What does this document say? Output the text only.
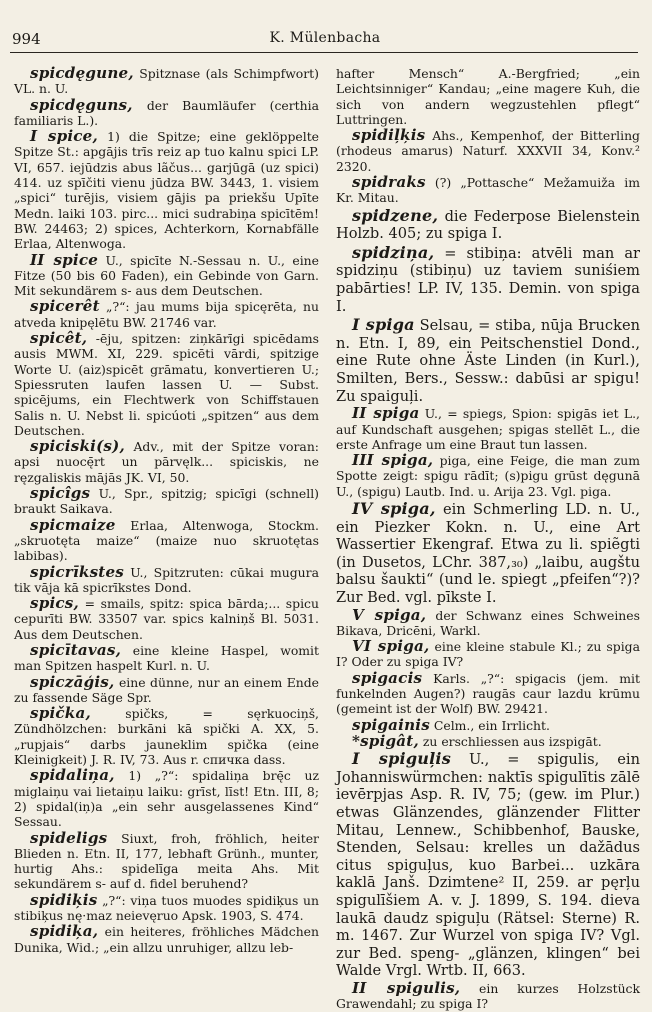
994	K. Mülenbacha

spicdęgune, Spitznase (als Schimpfwort) VL. n. U.

spicdęguns, der Baumläufer (certhia familiaris L.).

I spice, 1) die Spitze; eine geklöppelte Spitze St.: apgājis trīs reiz ap tuo kalnu spici LP. VI, 657. iejūdzis abus lãčus... garjūgā (uz spici) 414. uz spīčiti vienu jūdza BW. 3443, 1. visiem „spici“ turējis, visiem gājis pa priekšu Upīte Medn. laiki 103. pirc... mici sudrabiņa spicītēm! BW. 24463; 2) spices, Achterkorn, Kornabfälle Erlaa, Altenwoga.

II spice U., spicīte N.-Sessau n. U., eine Fitze (50 bis 60 Faden), ein Gebinde von Garn. Mit sekundärem s- aus dem Deutschen.

spicerêt „?“: jau mums bija spicęrēta, nu atveda knipęlētu BW. 21746 var.

spicêt, -ēju, spitzen: ziņkārīgi spicēdams ausis MWM. XI, 229. spicēti vārdi, spitzige Worte U. (aiz)spicēt grāmatu, konvertieren U.; Spiessruten laufen lassen U. — Subst. spicējums, ein Flechtwerk von Schiffstauen Salis n. U. Nebst li. spicúoti „spitzen“ aus dem Deutschen.

spiciski(s), Adv., mit der Spitze voran: apsi nuocę̄rt un pārvęlk... spiciskis, ne ręzgaliskis mājās JK. VI, 50.

spicîgs U., Spr., spitzig; spicīgi (schnell) braukt Saikava.

spicmaize Erlaa, Altenwoga, Stockm. „skruotęta maize“ (maize nuo skruotętas labibas).

spicrīkstes U., Spitzruten: cūkai mugura tik vāja kā spicrīkstes Dond.

spics, = smails, spitz: spica bārda;... spicu cepurīti BW. 33507 var. spics kalniņš Bl. 5031. Aus dem Deutschen.

spicītavas, eine kleine Haspel, womit man Spitzen haspelt Kurl. n. U.

spiczāģis, eine dünne, nur an einem Ende zu fassende Säge Spr.

spička,	spičks, = sęrkuociņš, Zündhölzchen: burkāni kā spički A. XX, 5. „rupjais“ darbs jauneklim spička (eine Kleinigkeit) J. R. IV, 73. Aus r. спичка dass.

spidaliņa, 1) „?“: spidaliņa brę̄c uz miglaiņu vai lietaiņu laiku: grīst, līst! Etn. III, 8; 2) spidal(iņ)a „ein sehr ausgelassenes Kind“ Sessau.

spideligs Siuxt, froh, fröhlich, heiter Blieden n. Etn. II, 177, lebhaft Grünh., munter, hurtig Ahs.: spidelīga meita Ahs. Mit sekundärem s- auf d. fidel beruhend?

spidiķis „?“: viņa tuos muodes spidiķus un stibiķus nę·maz neievęruo Apsk. 1903, S. 474.

spidiķa, ein heiteres, fröhliches Mädchen Dunika, Wid.; „ein allzu unruhiger, allzu leb-

hafter Mensch“ A.-Bergfried; „ein Leichtsinniger“ Kandau; „eine magere Kuh, die sich von andern wegzustehlen pflegt“ Luttringen.

spidiļķis Ahs., Kempenhof, der Bitterling (rhodeus amarus) Naturf. XXXVII 34, Konv.² 2320.

spidraks (?) „Pottasche“ Mežamuiža im Kr. Mitau.

spidzene, die Federpose Bielenstein Holzb. 405; zu spiga I.

spidziņa, = stibiņa: atvēli man ar spidziņu (stibiņu) uz taviem suniśiem pabārties! LP. IV, 135. Demin. von spiga I.

I spiga Selsau, = stiba, nūja Brucken n. Etn. I, 89, ein Peitschenstiel Dond., eine Rute ohne Äste Linden (in Kurl.), Smilten, Bers., Sessw.: dabūsi ar spigu! Zu spaiguļi.

II spiga U., = spiegs, Spion: spigās iet L., auf Kundschaft ausgehen; spigas stellēt L., die erste Anfrage um eine Braut tun lassen.

III spiga, piga, eine Feige, die man zum Spotte zeigt: spigu rādīt; (s)pigu grūst dęgunā U., (spigu) Lautb. Ind. u. Arija 23. Vgl. piga.

IV spiga, ein Schmerling LD. n. U., ein Piezker Kokn. n. U., eine Art Wassertier Ekengraf. Etwa zu li. spiẽgti (in Dusetos, LChr. 387,₃₀) „laibu, augštu balsu šaukti“ (und le. spiegt „pfeifen“?)? Zur Bed. vgl. pīkste I.

V spiga, der Schwanz eines Schweines Bikava, Dricēni, Warkl.

VI spiga, eine kleine stabule Kl.; zu spiga I? Oder zu spiga IV?

spigacis Karls. „?“: spigacis (jem. mit funkelnden Augen?) raugās caur lazdu krūmu (gemeint ist der Wolf) BW. 29421.

spigainis Celm., ein Irrlicht.

*spigât, zu erschliessen aus izspigāt.

I spiguļis U., = spigulis, ein Johanniswürmchen: naktīs spigulītis zālē ievērpjas Asp. R. IV, 75; (gew. im Plur.) etwas Glänzendes, glänzender Flitter Mitau, Lennew., Schibbenhof, Bauske, Stenden, Selsau: krelles un dažādus citus spiguļus, kuo Barbei... uzkāra kaklā Janš. Dzimtene² II, 259. ar pęrļu spigulīšiem A. v. J. 1899, S. 194. dieva laukā daudz spiguļu (Rätsel: Sterne) R. m. 1467. Zur Wurzel von spiga IV? Vgl. zur Bed. speng- „glänzen, klingen“ bei Walde Vrgl. Wrtb. II, 663.

II spigulis, ein kurzes Holzstück Grawendahl; zu spiga I?
